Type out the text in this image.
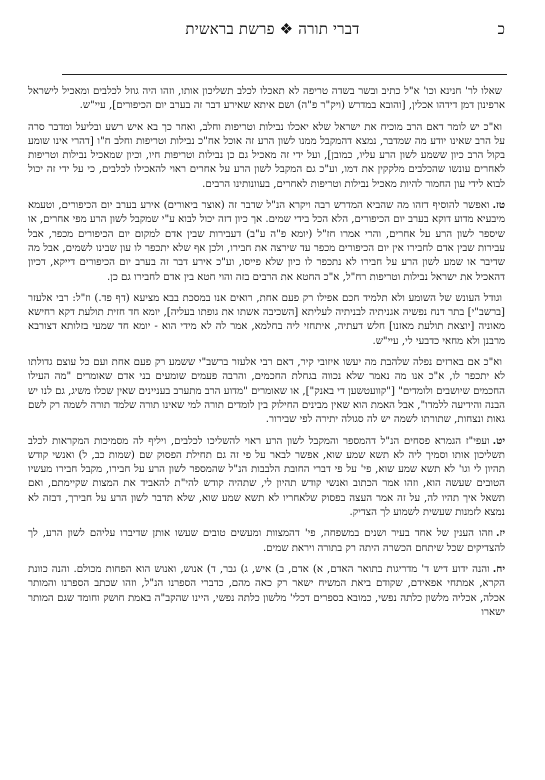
דברי תורה ❖ פרשת בראשית	כ

שאלו לר' חנינא וכו' א"ל כתיב ובשר בשדה טריפה לא תאכלו לכלב תשליכון אותו, וזהו היה גוזל לכלבים ומאכיל לישראל ארפינון דמן דידהו אכלין, [והובא במדרש (ויק"ר פ"ה) ושם איתא שאירע דבר זה בערב יום הכיפורים], עיי"ש.

וא"כ יש לומר דאם הרב מוכיח את ישראל שלא יאכלו נבילות וטריפות וחלב, ואחר כך בא איש רשע ובליעל ומדבר סרה על הרב שאינו יודע מה שמדבר, נמצא דהמקבל ממנו לשון הרע זה אוכל אח"כ נבילות וטריפות וחלב ח"ו [דהרי אינו שומע בקול הרב כיון ששמע לשון הרע עליו, כמובן], ועל ידי זה מאכיל גם כן נבילות וטריפות חיו, וכיון שמאכיל נבילות וטריפות לאחרים עונשו שהכלבים מלקקין את דמו, וע"כ גם המקבל לשון הרע על אחרים ראוי להאכילו לכלבים, כי על ידי זה יכול לבוא לידי עון החמור להיות מאכיל נבילות וטריפות לאחרים, בעוונותינו הרבים.

טז.ואפשר להוסיף דזהו מה שהביא המדרש רבה ויקרא הנ"ל שדבר זה (אוצר ביאורים) אירע בערב יום הכיפורים, וטעמא מיבעיא מדוע דוקא בערב יום הכיפורים, הלא הכל בידי שמים. אך כיון דזה יכול לבוא ע"י שמקבל לשון הרע מפי אחרים, או שיספר לשון הרע על אחרים, והרי אמרו חז"ל (יומא פ"ה ע"ב) דעבירות שבין אדם למקום יום הכיפורים מכפר, אבל עבירות שבין אדם לחבירו אין יום הכיפורים מכפר עד שירצה את חבירו, ולכן אף שלא יתכפר לו עון שבינו לשמים, אבל מה שדיבר או שמע לשון הרע על חבירו לא נתכפר לו כיון שלא פייסו, וע"כ אירע דבר זה בערב יום הכיפורים דייקא, דכיון דהאכיל את ישראל נבילות וטריפות רח"ל, א"כ החטא את הרבים בזה והוי חטא בין אדם לחבירו גם כן.

וגודל העונש של השומע ולא תלמיד חכם אפילו רק פעם אחת, רואים אנו במסכת בבא מציעא (דף פד.) וז"ל: רבי אלעזר [ברשב"י] בתר דנח נפשיה אגניתיה לבניתיה לעליתא [השכיבה אשתו את גופתו בעליה], יומא חד חזית תולעת דקא רחישא מאוניה [יוצאת תולעת מאזנו] חלש דעתיה, איתחזי ליה בחלמא, אמר לה לא מידי הוא - יומא חד שמעי בזלותא דצורבא מרבנן ולא מחאי כדבעי לי, עיי"ש.

וא"כ אם בארזים נפלה שלהבת מה יעשו איזובי קיר, דאם רבי אלעזר ברשב"י ששמע רק פעם אחת ועם כל עוצם גדולתו לא יתכפר לו, א"כ אנו מה נאמר שלא נכווה בגחלת החכמים, והרבה פעמים שומעים בני אדם שאומרים "מה העילו החכמים שיושבים ולומדים" ["קוועטשען די באנק"], או שאומרים "מדוע הרב מתערב בעניינים שאין שכלו משיג, גם לנו יש הבנה והידיעה ללמדו", אבל האמת הוא שאין מבינים החילוק בין לומדים תורה למי שאינו תורה שלמד תורה לשמה רק לשם גאות ונצחות, שתורתו לשמה יש לה סגולה יתירה לפי שבירור.

יט.ועפי"ז הגמרא פסחים הנ"ל דהמספר והמקבל לשון הרע ראוי להשליכו לכלבים, ויליף לה מסמיכות המקראות לכלב תשליכון אותו וסמיך ליה לא תשא שמע שוא, אפשר לבאר על פי זה גם תחילת הפסוק שם (שמות כב, ל) ואנשי קודש תהיון לי וגו' לא תשא שמע שוא, פי' על פי דברי החובת הלבבות הנ"ל שהמספר לשון הרע על חבירו, מקבל חבירו מעשיו הטובים שעשה הוא, וזהו אמר הכתוב ואנשי קודש תהיון לי, שתהיה קודש להי"ת להאביד את המצות שקיימתם, ואם תשאל איך תהיו לה, על זה אמר העצה בפסוק שלאחריו לא תשא שמע שוא, שלא תדבר לשון הרע על חבירך, דבזה לא נמצא לזמנות שעשית לשמוע לך הצדיק.

יז.וזהו הענין של אחד בעיר ושנים במשפחה, פי' דהמצוות ומעשים טובים שעשו אותן שדיברו עליהם לשון הרע, לך להצדיקים שכל שיתחם הכשרה היתה רק בתורה ויראת שמים.

יח.והנה ידוע דיש ד' מדריגות בתואר האדם, א) אדם, ב) איש, ג) גבר, ד) אנוש, ואנוש הוא הפחות מכולם. והנה כוונת הקרא, אמתחי אפאידם, שקודם ביאת המשיח ישאר רק כאה מהם, כדברי הספרנו הנ"ל, וזהו שכתב הספרנו והמותר אכלה, אכליה מלשון כלתה נפשי, כמובא בספרים דכלי' מלשון כלתה נפשי, היינו שהקב"ה באמת חושק וחומד שגם המותר ישארו
